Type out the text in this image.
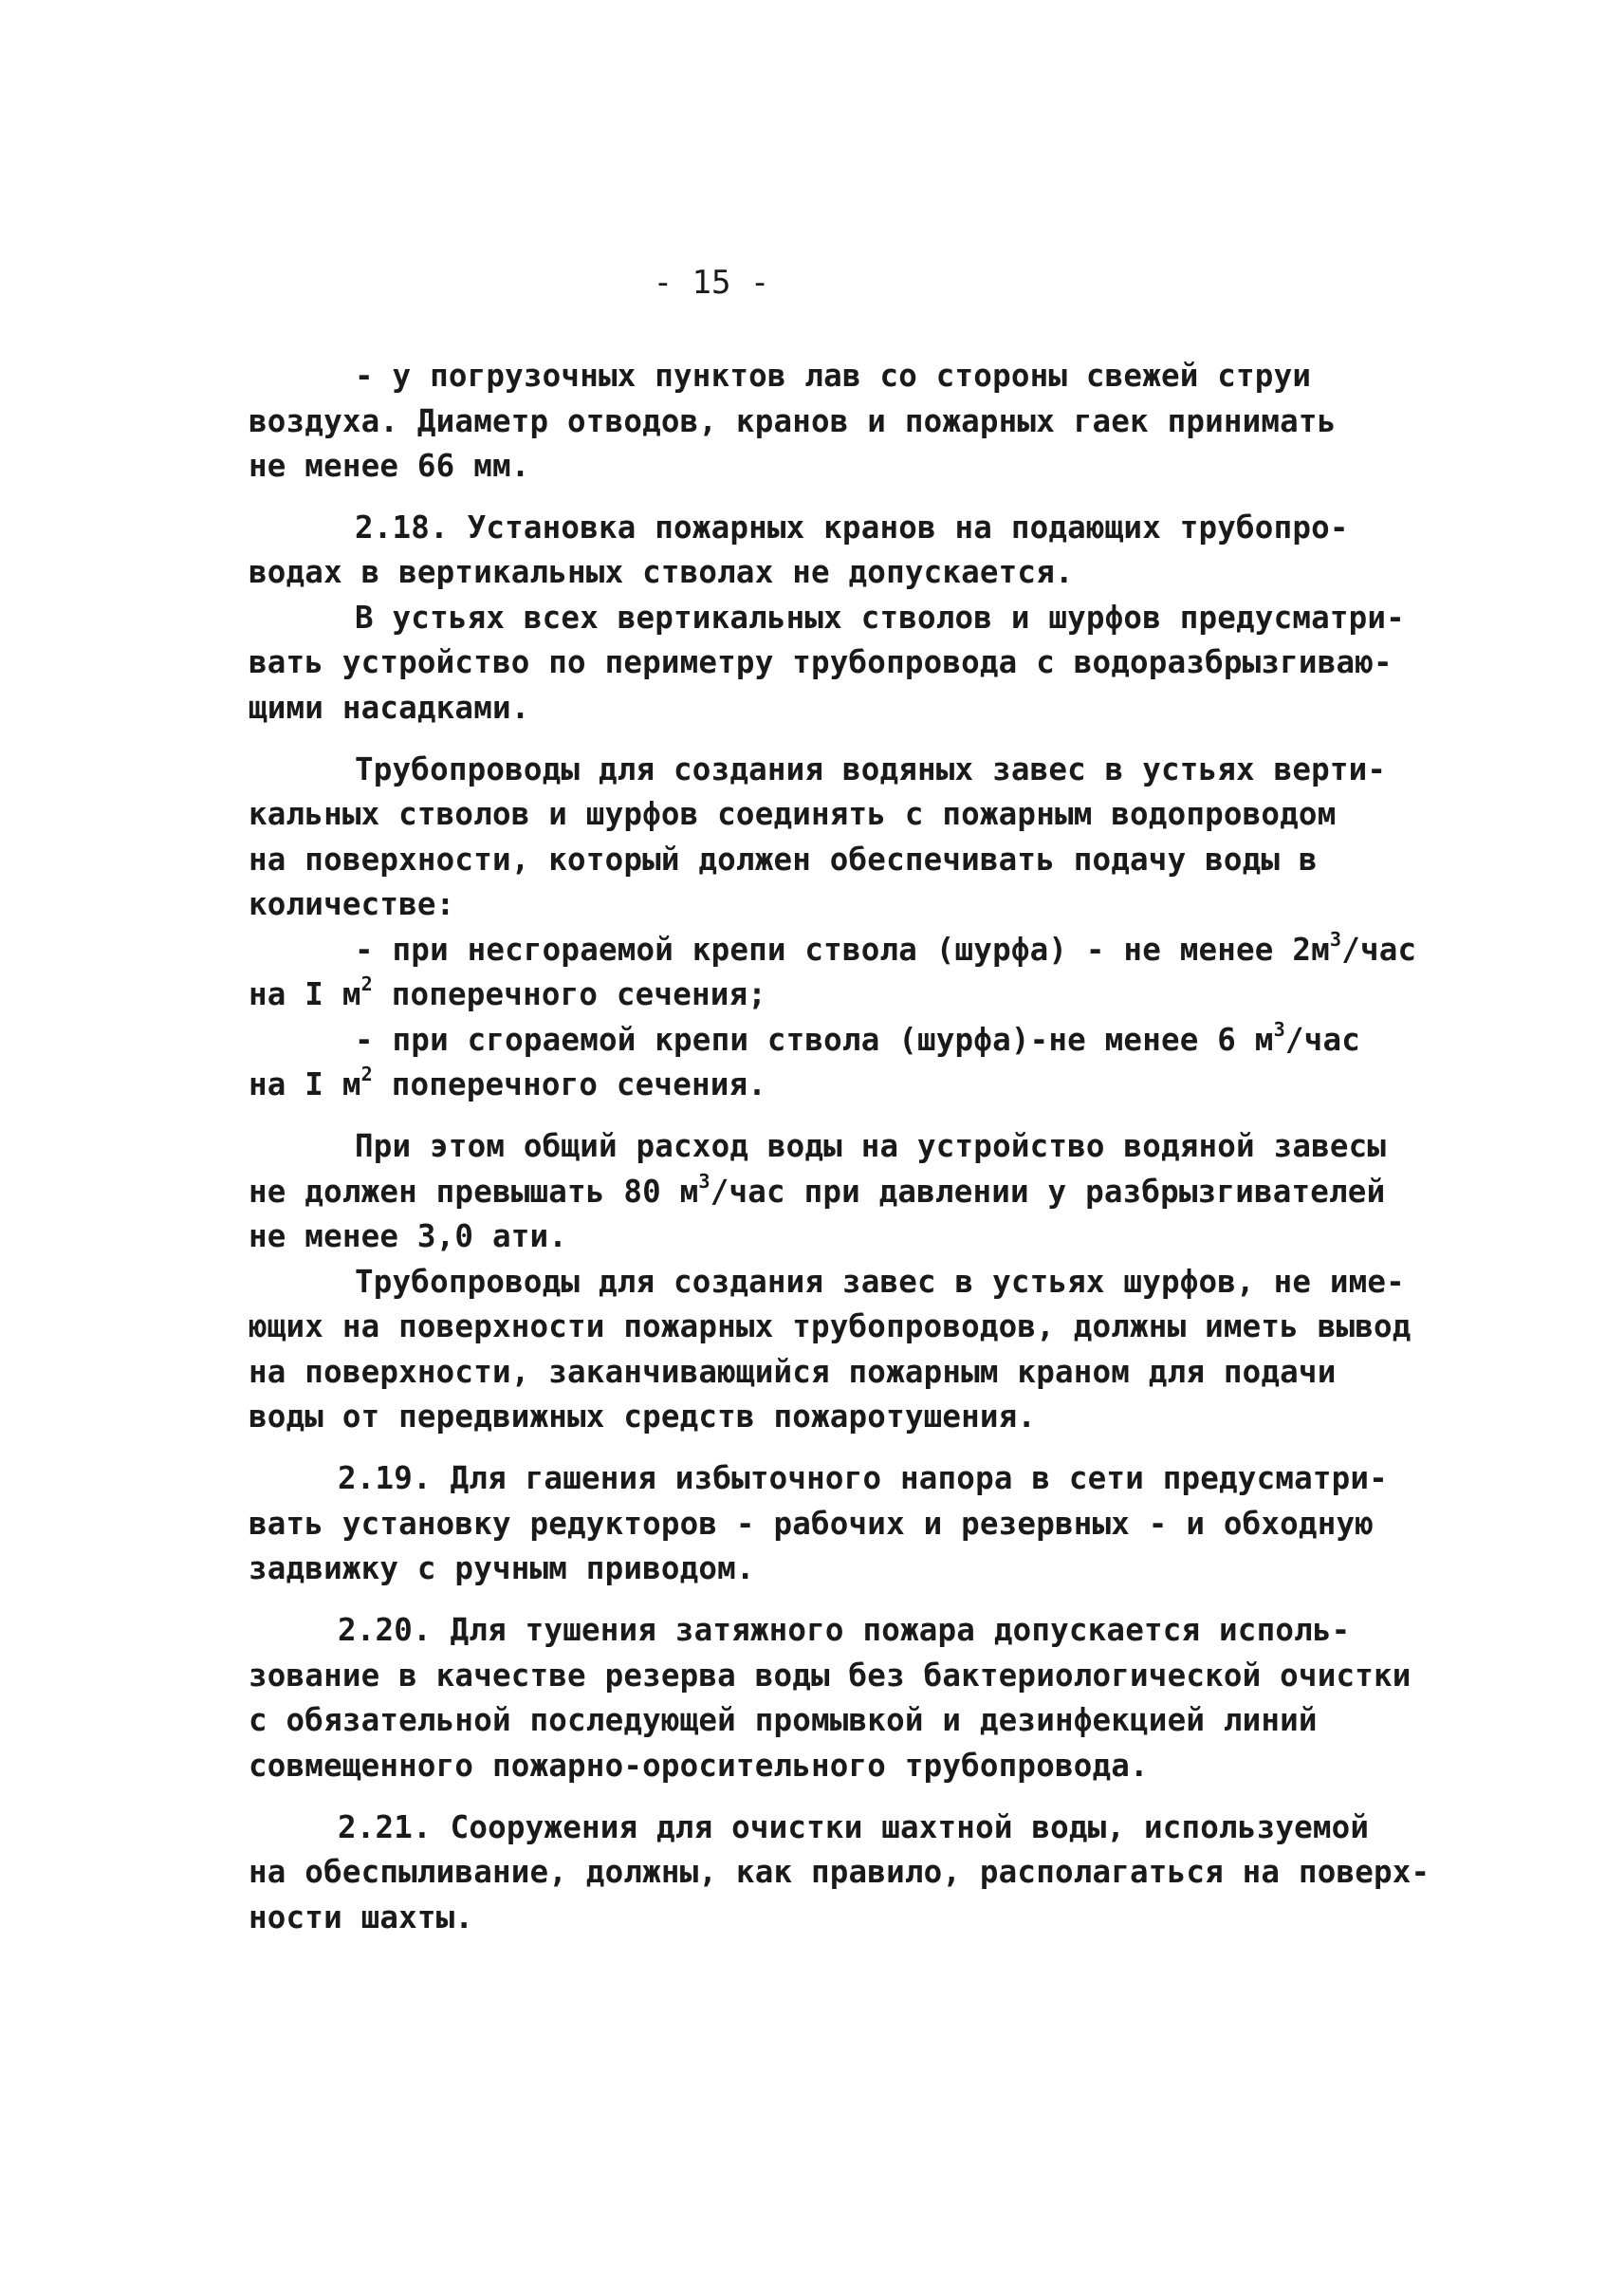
- 15 -
- у погрузочных пунктов лав со стороны свежей струи
воздуха. Диаметр отводов, кранов и пожарных гаек принимать
не менее 66 мм.
2.18. Установка пожарных кранов на подающих трубопро-
водах в вертикальных стволах не допускается.
В устьях всех вертикальных стволов и шурфов предусматри-
вать устройство по периметру трубопровода с водоразбрызгиваю-
щими насадками.
Трубопроводы для создания водяных завес в устьях верти-
кальных стволов и шурфов соединять с пожарным водопроводом
на поверхности, который должен обеспечивать подачу воды в
количестве:
- при несгораемой крепи ствола (шурфа) - не менее $2м^3$/час
на I $м^2$ поперечного сечения;
- при сгораемой крепи ствола (шурфа)-не менее 6 $м^3$/час
на I $м^2$ поперечного сечения.
При этом общий расход воды на устройство водяной завесы
не должен превышать 80 $м^3$/час при давлении у разбрызгивателей
не менее 3,0 ати.
Трубопроводы для создания завес в устьях шурфов, не име-
ющих на поверхности пожарных трубопроводов, должны иметь вывод
на поверхности, заканчивающийся пожарным краном для подачи
воды от передвижных средств пожаротушения.
2.19. Для гашения избыточного напора в сети предусматри-
вать установку редукторов - рабочих и резервных - и обходную
задвижку с ручным приводом.
2.20. Для тушения затяжного пожара допускается исполь-
зование в качестве резерва воды без бактериологической очистки
с обязательной последующей промывкой и дезинфекцией линий
совмещенного пожарно-оросительного трубопровода.
2.21. Сооружения для очистки шахтной воды, используемой
на обеспыливание, должны, как правило, располагаться на поверх-
ности шахты.
